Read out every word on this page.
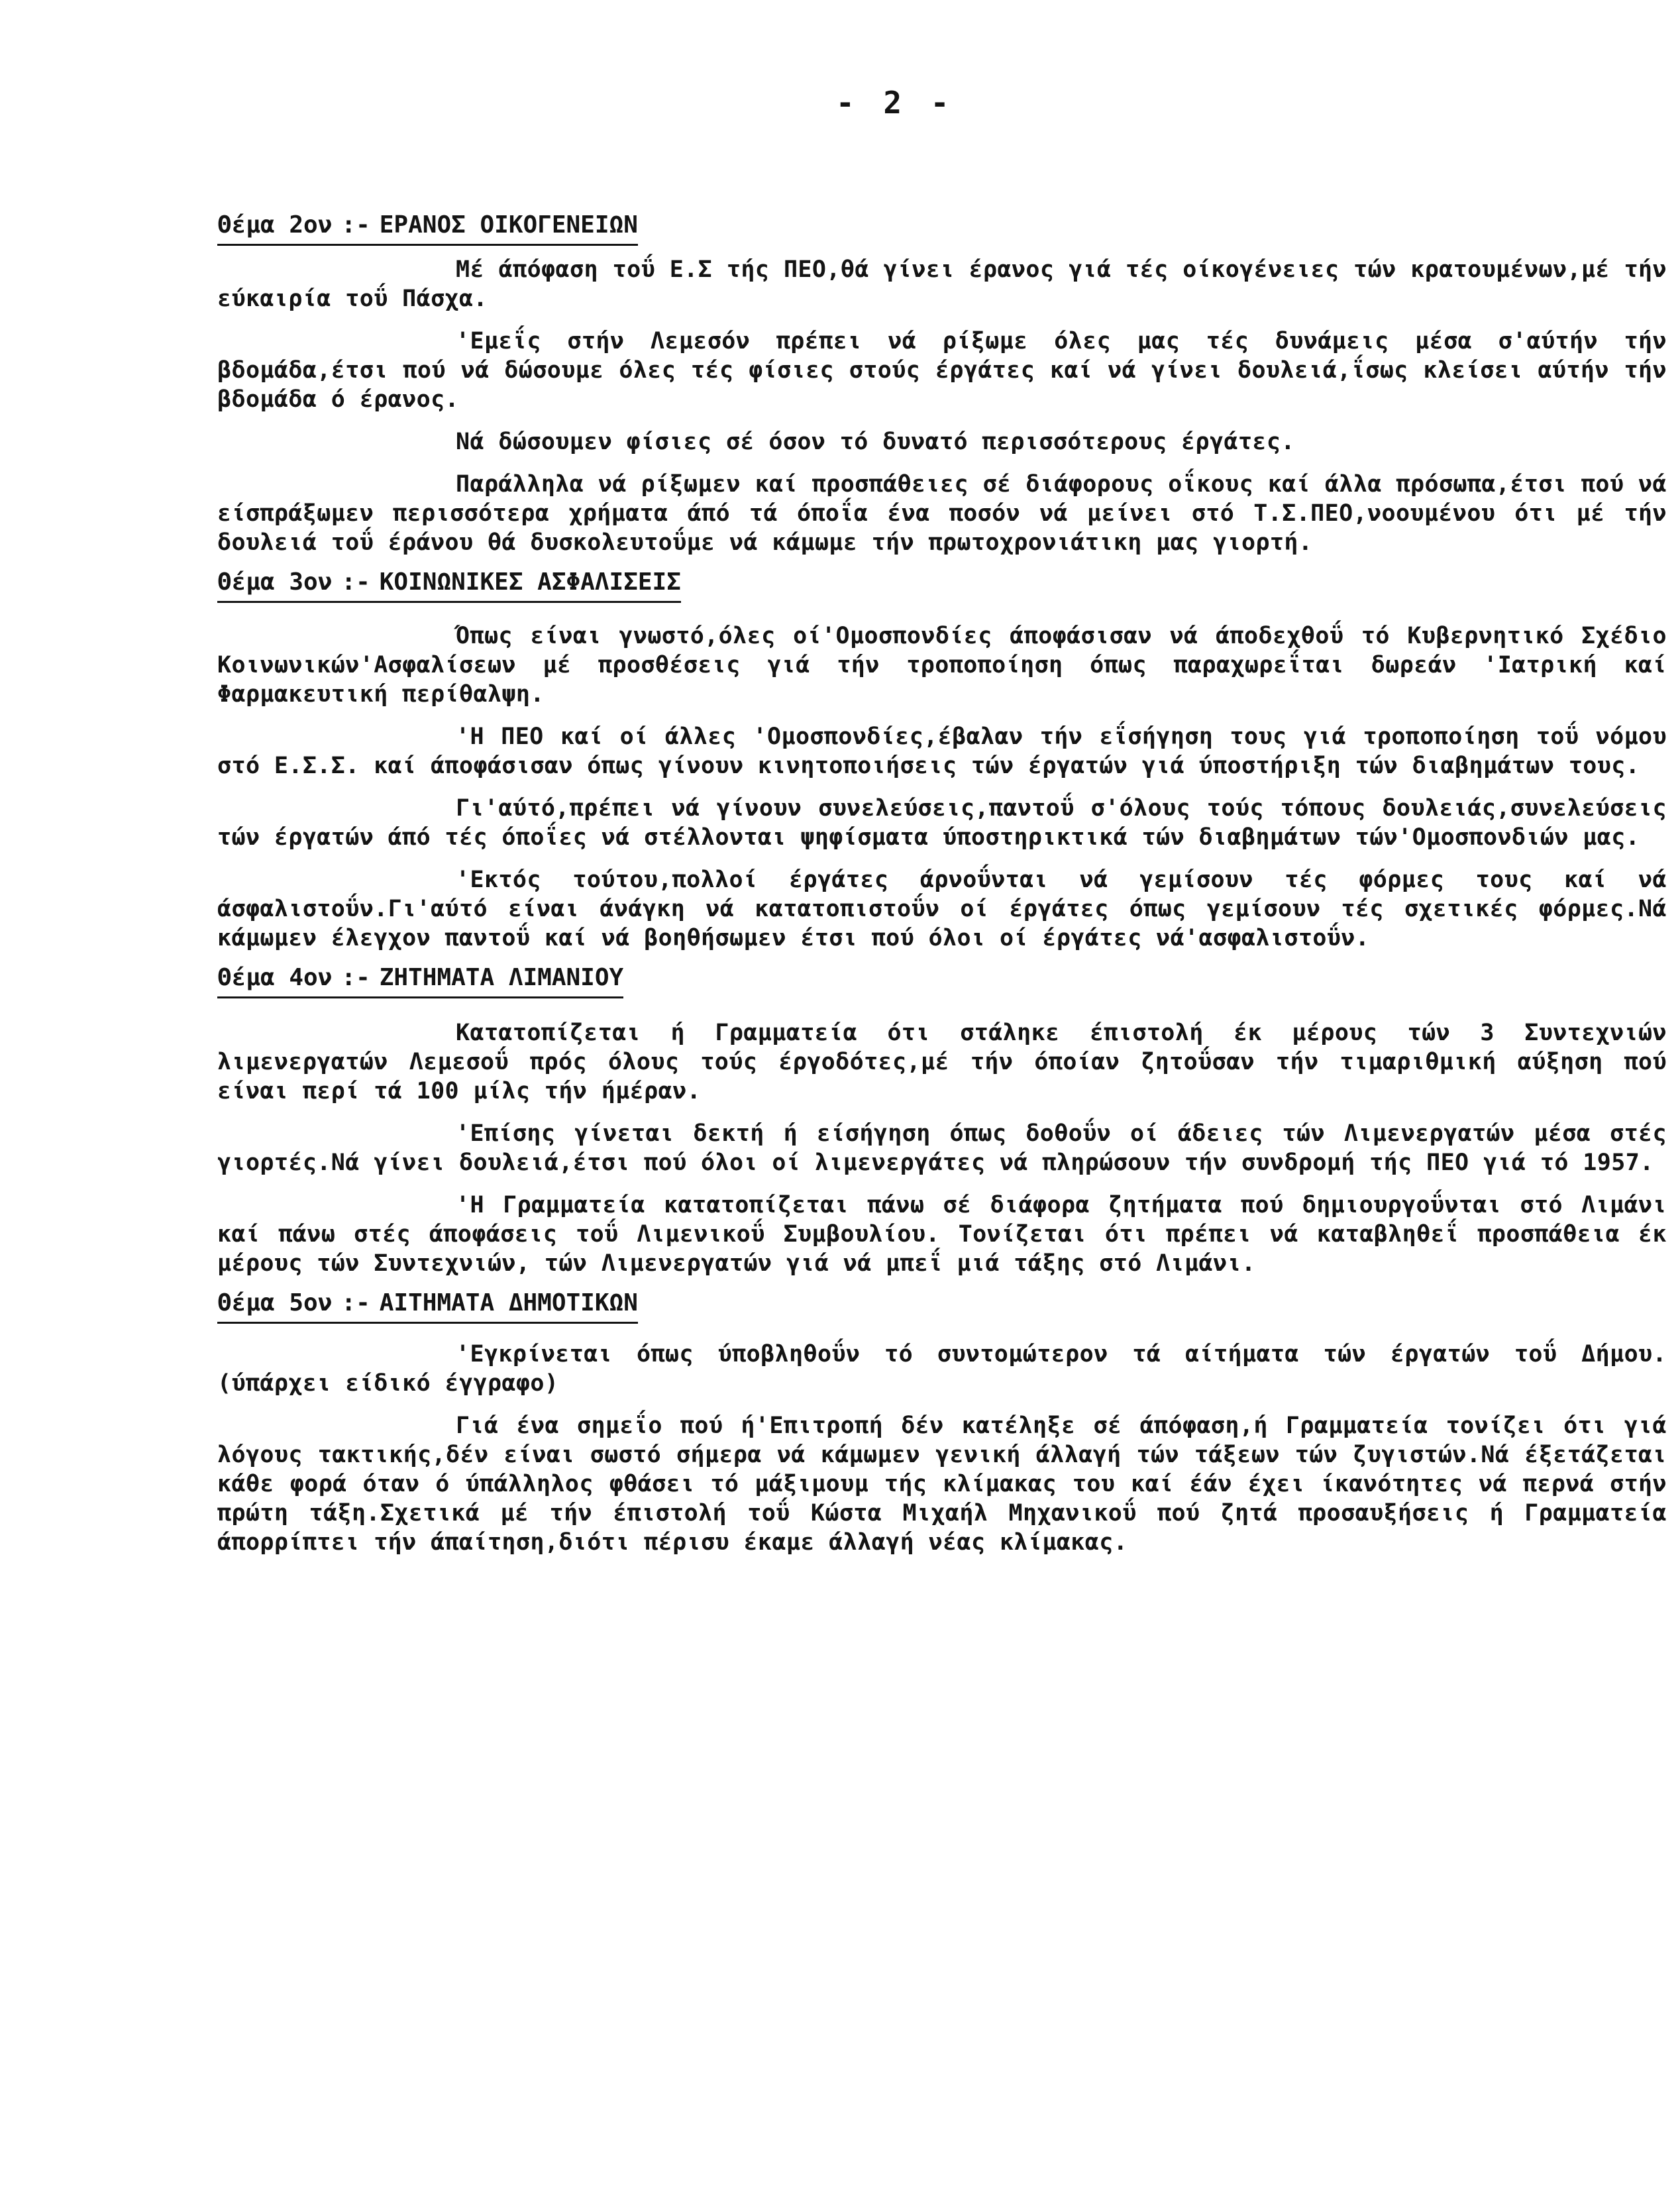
- 2 -
Θέμα 2ον :- ΕΡΑΝΟΣ ΟΙΚΟΓΕΝΕΙΩΝ

Μέ άπόφαση τοΰ Ε.Σ τής ΠΕΟ,θά γίνει έρανος γιά τές οίκογένειες τών κρατουμένων,μέ τήν εύκαιρία τοΰ Πάσχα.

'Εμεΐς στήν Λεμεσόν πρέπει νά ρίξωμε όλες μας τές δυνάμεις μέσα σ'αύτήν τήν βδομάδα,έτσι πού νά δώσουμε όλες τές φίσιες στούς έργάτες καί νά γίνει δουλειά,ΐσως κλείσει αύτήν τήν βδομάδα ό έρανος.

Νά δώσουμεν φίσιες σέ όσον τό δυνατό περισσότερους έργάτες.

Παράλληλα νά ρίξωμεν καί προσπάθειες σέ διάφορους οΐκους καί άλλα πρόσωπα,έτσι πού νά είσπράξωμεν περισσότερα χρήματα άπό τά όποΐα ένα ποσόν νά μείνει στό Τ.Σ.ΠΕΟ,νοουμένου ότι μέ τήν δουλειά τοΰ έράνου θά δυσκολευτοΰμε νά κάμωμε τήν πρωτοχρονιάτικη μας γιορτή.

Θέμα 3ον :- ΚΟΙΝΩΝΙΚΕΣ ΑΣΦΑΛΙΣΕΙΣ

Όπως είναι γνωστό,όλες οί'Ομοσπονδίες άποφάσισαν νά άποδεχθοΰ τό Κυβερνητικό Σχέδιο Κοινωνικών'Ασφαλίσεων μέ προσθέσεις γιά τήν τροποποίηση όπως παραχωρεΐται δωρεάν 'Ιατρική καί Φαρμακευτική περίθαλψη.

'Η ΠΕΟ καί οί άλλες 'Ομοσπονδίες,έβαλαν τήν εΐσήγηση τους γιά τροποποίηση τοΰ νόμου στό Ε.Σ.Σ. καί άποφάσισαν όπως γίνουν κινητοποιήσεις τών έργατών γιά ύποστήριξη τών διαβημάτων τους.

Γι'αύτό,πρέπει νά γίνουν συνελεύσεις,παντοΰ σ'όλους τούς τόπους δουλειάς,συνελεύσεις τών έργατών άπό τές όποΐες νά στέλλονται ψηφίσματα ύποστηρικτικά τών διαβημάτων τών'Ομοσπονδιών μας.

'Εκτός τούτου,πολλοί έργάτες άρνοΰνται νά γεμίσουν τές φόρμες τους καί νά άσφαλιστοΰν.Γι'αύτό είναι άνάγκη νά κατατοπιστοΰν οί έργάτες όπως γεμίσουν τές σχετικές φόρμες.Νά κάμωμεν έλεγχον παντοΰ καί νά βοηθήσωμεν έτσι πού όλοι οί έργάτες νά'ασφαλιστοΰν.

Θέμα 4ον :- ΖΗΤΗΜΑΤΑ ΛΙΜΑΝΙΟΥ

Κατατοπίζεται ή Γραμματεία ότι στάληκε έπιστολή έκ μέρους τών 3 Συντεχνιών λιμενεργατών Λεμεσοΰ πρός όλους τούς έργοδότες,μέ τήν όποίαν ζητοΰσαν τήν τιμαριθμική αύξηση πού είναι περί τά 100 μίλς τήν ήμέραν.

'Επίσης γίνεται δεκτή ή είσήγηση όπως δοθοΰν οί άδειες τών Λιμενεργατών μέσα στές γιορτές.Νά γίνει δουλειά,έτσι πού όλοι οί λιμενεργάτες νά πληρώσουν τήν συνδρομή τής ΠΕΟ γιά τό 1957.

'Η Γραμματεία κατατοπίζεται πάνω σέ διάφορα ζητήματα πού δημιουργοΰνται στό Λιμάνι καί πάνω στές άποφάσεις τοΰ Λιμενικοΰ Συμβουλίου. Τονίζεται ότι πρέπει νά καταβληθεΐ προσπάθεια έκ μέρους τών Συντεχνιών, τών Λιμενεργατών γιά νά μπεΐ μιά τάξης στό Λιμάνι.

Θέμα 5ον :- ΑΙΤΗΜΑΤΑ ΔΗΜΟΤΙΚΩΝ

'Εγκρίνεται όπως ύποβληθοΰν τό συντομώτερον τά αίτήματα τών έργατών τοΰ Δήμου.(ύπάρχει είδικό έγγραφο)

Γιά ένα σημεΐο πού ή'Επιτροπή δέν κατέληξε σέ άπόφαση,ή Γραμματεία τονίζει ότι γιά λόγους τακτικής,δέν είναι σωστό σήμερα νά κάμωμεν γενική άλλαγή τών τάξεων τών ζυγιστών.Νά έξετάζεται κάθε φορά όταν ό ύπάλληλος φθάσει τό μάξιμουμ τής κλίμακας του καί έάν έχει ίκανότητες νά περνά στήν πρώτη τάξη.Σχετικά μέ τήν έπιστολή τοΰ Κώστα Μιχαήλ Μηχανικοΰ πού ζητά προσαυξήσεις ή Γραμματεία άπορρίπτει τήν άπαίτηση,διότι πέρισυ έκαμε άλλαγή νέας κλίμακας.
